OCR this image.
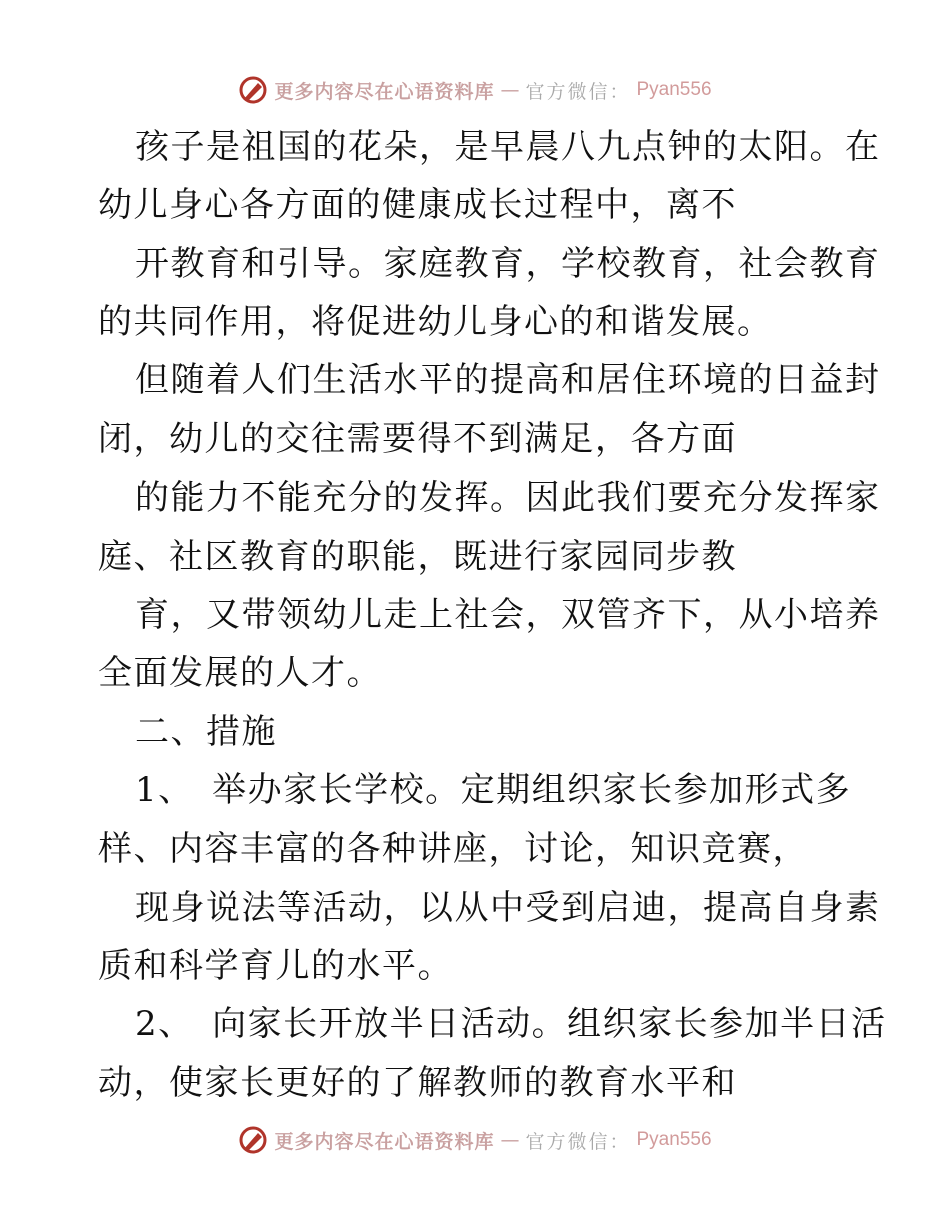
更多内容尽在心语资料库 — 官方微信： Pyan556
孩子是祖国的花朵，是早晨八九点钟的太阳。在
幼儿身心各方面的健康成长过程中，离不
开教育和引导。家庭教育，学校教育，社会教育
的共同作用，将促进幼儿身心的和谐发展。
但随着人们生活水平的提高和居住环境的日益封
闭，幼儿的交往需要得不到满足，各方面
的能力不能充分的发挥。因此我们要充分发挥家
庭、社区教育的职能，既进行家园同步教
育，又带领幼儿走上社会，双管齐下，从小培养
全面发展的人才。
二、措施
1、　举办家长学校。定期组织家长参加形式多
样、内容丰富的各种讲座，讨论，知识竞赛，
现身说法等活动，以从中受到启迪，提高自身素
质和科学育儿的水平。
2、　向家长开放半日活动。组织家长参加半日活
动，使家长更好的了解教师的教育水平和
更多内容尽在心语资料库 — 官方微信： Pyan556
